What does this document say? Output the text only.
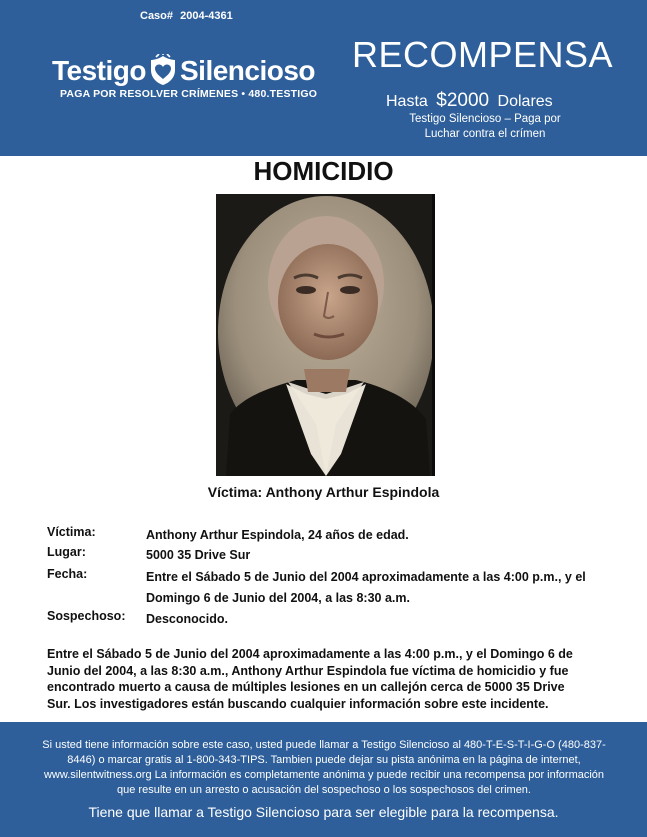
Caso# 2004-4361
Testigo Silencioso
PAGA POR RESOLVER CRÍMENES • 480.TESTIGO
RECOMPENSA
Hasta $2000 Dolares
Testigo Silencioso – Paga por Luchar contra el crímen
HOMICIDIO
Víctima: Anthony Arthur Espindola
Víctima:	Anthony Arthur Espindola, 24 años de edad.
Lugar:	5000 35 Drive Sur
Fecha:	Entre el Sábado 5 de Junio del 2004 aproximadamente a las 4:00 p.m., y el Domingo 6 de Junio del 2004, a las 8:30 a.m.
Sospechoso: Desconocido.
Entre el Sábado 5 de Junio del 2004 aproximadamente a las 4:00 p.m., y el Domingo 6 de Junio del 2004, a las 8:30 a.m., Anthony Arthur Espindola fue víctima de homicidio y fue encontrado muerto a causa de múltiples lesiones en un callejón cerca de 5000 35 Drive Sur. Los investigadores están buscando cualquier información sobre este incidente.
Si usted tiene información sobre este caso, usted puede llamar a Testigo Silencioso al 480-T-E-S-T-I-G-O (480-837-8446) o marcar gratis al 1-800-343-TIPS. Tambien puede dejar su pista anónima en la página de internet, www.silentwitness.org La información es completamente anónima y puede recibir una recompensa por información que resulte en un arresto o acusación del sospechoso o los sospechosos del crimen.
Tiene que llamar a Testigo Silencioso para ser elegible para la recompensa.
